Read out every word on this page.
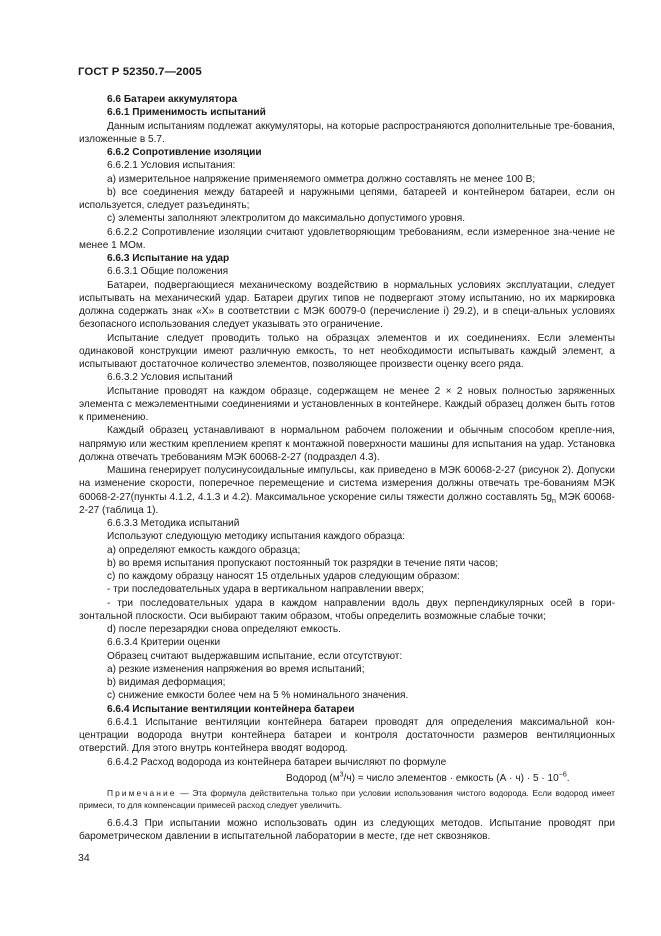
ГОСТ Р 52350.7—2005

6.6 Батареи аккумулятора

6.6.1 Применимость испытаний

Данным испытаниям подлежат аккумуляторы, на которые распространяются дополнительные тре-бования, изложенные в 5.7.

6.6.2 Сопротивление изоляции

6.6.2.1 Условия испытания:

а) измерительное напряжение применяемого омметра должно составлять не менее 100 В;

b) все соединения между батареей и наружными цепями, батареей и контейнером батареи, если он используется, следует разъединять;

с) элементы заполняют электролитом до максимально допустимого уровня.

6.6.2.2 Сопротивление изоляции считают удовлетворяющим требованиям, если измеренное зна-чение не менее 1 МОм.

6.6.3 Испытание на удар

6.6.3.1 Общие положения

Батареи, подвергающиеся механическому воздействию в нормальных условиях эксплуатации, следует испытывать на механический удар. Батареи других типов не подвергают этому испытанию, но их маркировка должна содержать знак «Х» в соответствии с МЭК 60079-0 (перечисление i) 29.2), и в специ-альных условиях безопасного использования следует указывать это ограничение.

Испытание следует проводить только на образцах элементов и их соединениях. Если элементы одинаковой конструкции имеют различную емкость, то нет необходимости испытывать каждый элемент, а испытывают достаточное количество элементов, позволяющее произвести оценку всего ряда.

6.6.3.2 Условия испытаний

Испытание проводят на каждом образце, содержащем не менее 2 × 2 новых полностью заряженных элемента с межэлементными соединениями и установленных в контейнере. Каждый образец должен быть готов к применению.

Каждый образец устанавливают в нормальном рабочем положении и обычным способом крепле-ния, напрямую или жестким креплением крепят к монтажной поверхности машины для испытания на удар. Установка должна отвечать требованиям МЭК 60068-2-27 (подраздел 4.3).

Машина генерирует полусинусоидальные импульсы, как приведено в МЭК 60068-2-27 (рисунок 2). Допуски на изменение скорости, поперечное перемещение и система измерения должны отвечать тре-бованиям МЭК 60068-2-27(пункты 4.1.2, 4.1.3 и 4.2). Максимальное ускорение силы тяжести должно составлять $5g_n$ МЭК 60068-2-27 (таблица 1).

6.6.3.3 Методика испытаний

Используют следующую методику испытания каждого образца:

а) определяют емкость каждого образца;

b) во время испытания пропускают постоянный ток разрядки в течение пяти часов;

с) по каждому образцу наносят 15 отдельных ударов следующим образом:

- три последовательных удара в вертикальном направлении вверх;

- три последовательных удара в каждом направлении вдоль двух перпендикулярных осей в гори-зонтальной плоскости. Оси выбирают таким образом, чтобы определить возможные слабые точки;

d) после перезарядки снова определяют емкость.

6.6.3.4 Критерии оценки

Образец считают выдержавшим испытание, если отсутствуют:

а) резкие изменения напряжения во время испытаний;

b) видимая деформация;

с) снижение емкости более чем на 5 % номинального значения.

6.6.4 Испытание вентиляции контейнера батареи

6.6.4.1 Испытание вентиляции контейнера батареи проводят для определения максимальной кон-центрации водорода внутри контейнера батареи и контроля достаточности размеров вентиляционных отверстий. Для этого внутрь контейнера вводят водород.

6.6.4.2 Расход водорода из контейнера батареи вычисляют по формуле

Водород $(м^3/ч)$ = число элементов · емкость $(А \cdot ч) \cdot 5 \cdot 10^{-6}$.

Примечание — Эта формула действительна только при условии использования чистого водорода. Если водород имеет примеси, то для компенсации примесей расход следует увеличить.

6.6.4.3 При испытании можно использовать один из следующих методов. Испытание проводят при барометрическом давлении в испытательной лаборатории в месте, где нет сквозняков.

34
